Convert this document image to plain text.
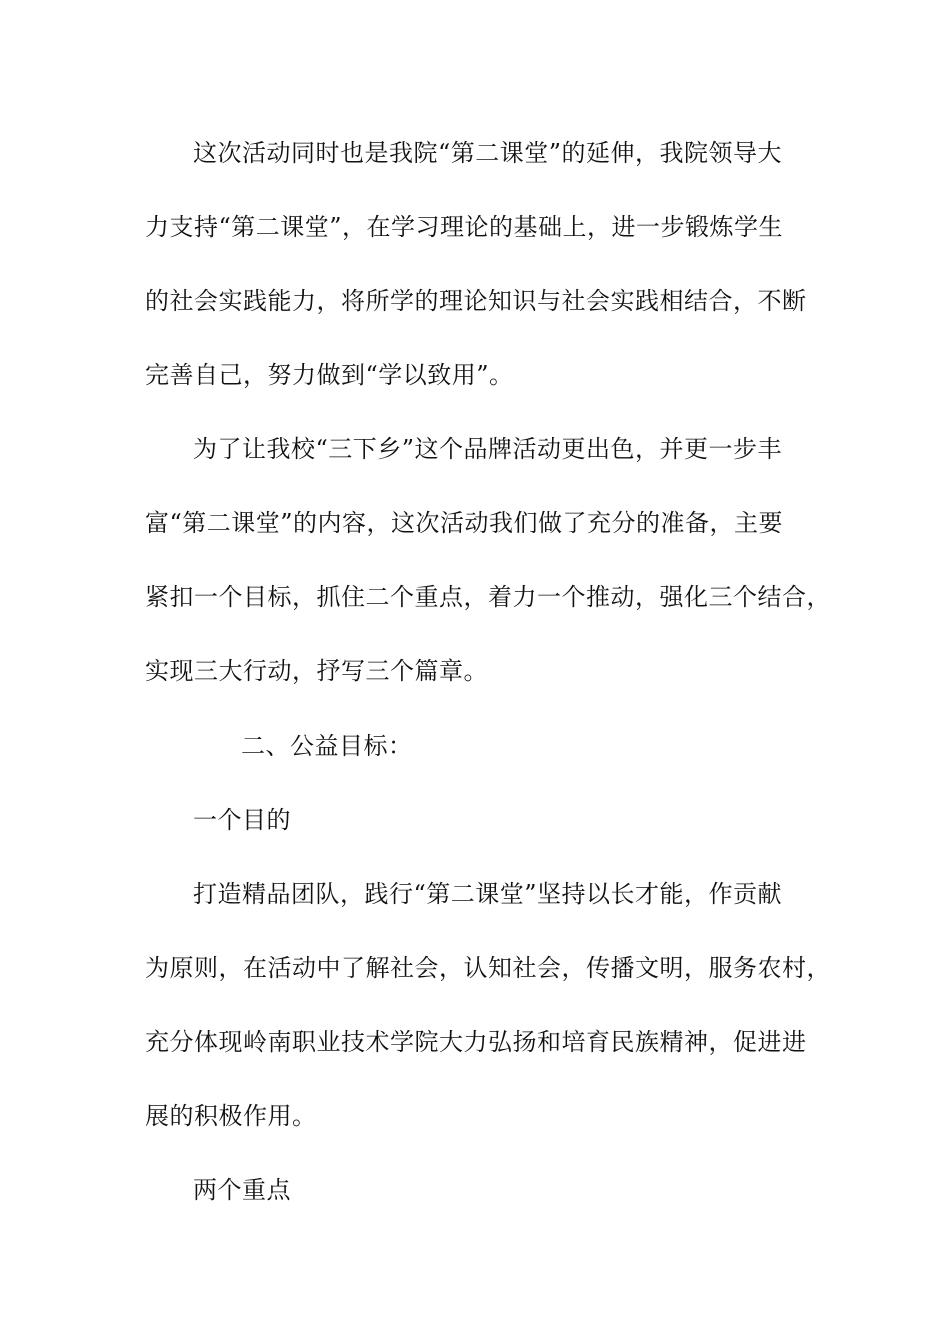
这次活动同时也是我院“第二课堂”的延伸，我院领导大
力支持“第二课堂”，在学习理论的基础上，进一步锻炼学生
的社会实践能力，将所学的理论知识与社会实践相结合，不断
完善自己，努力做到“学以致用”。
为了让我校“三下乡”这个品牌活动更出色，并更一步丰
富“第二课堂”的内容，这次活动我们做了充分的准备，主要
紧扣一个目标，抓住二个重点，着力一个推动，强化三个结合，
实现三大行动，抒写三个篇章。
二、公益目标：
一个目的
打造精品团队，践行“第二课堂”坚持以长才能，作贡献
为原则，在活动中了解社会，认知社会，传播文明，服务农村，
充分体现岭南职业技术学院大力弘扬和培育民族精神，促进进
展的积极作用。
两个重点
